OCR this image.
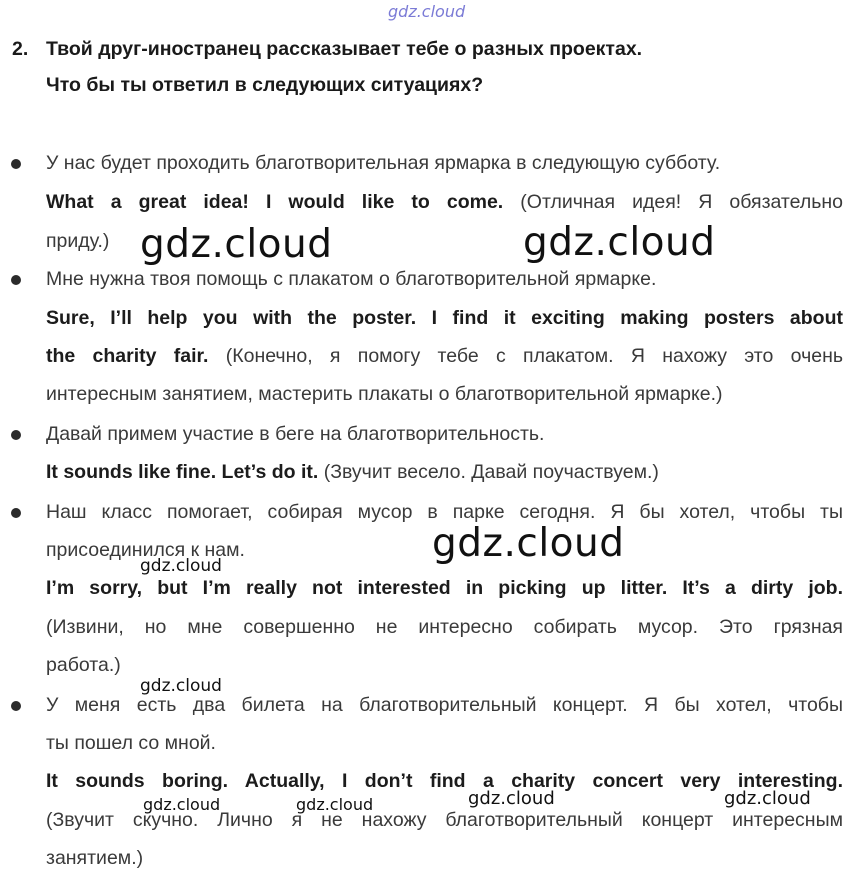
gdz.cloud
2. Твой друг-иностранец рассказывает тебе о разных проектах.
Что бы ты ответил в следующих ситуациях?
У нас будет проходить благотворительная ярмарка в следующую субботу.
What a great idea! I would like to come. (Отличная идея! Я обязательно
приду.)
Мне нужна твоя помощь с плакатом о благотворительной ярмарке.
Sure, I’ll help you with the poster. I find it exciting making posters about
the charity fair. (Конечно, я помогу тебе с плакатом. Я нахожу это очень
интересным занятием, мастерить плакаты о благотворительной ярмарке.)
Давай примем участие в беге на благотворительность.
It sounds like fine. Let’s do it. (Звучит весело. Давай поучаствуем.)
Наш класс помогает, собирая мусор в парке сегодня. Я бы хотел, чтобы ты
присоединился к нам.
I’m sorry, but I’m really not interested in picking up litter. It’s a dirty job.
(Извини, но мне совершенно не интересно собирать мусор. Это грязная
работа.)
У меня есть два билета на благотворительный концерт. Я бы хотел, чтобы
ты пошел со мной.
It sounds boring. Actually, I don’t find a charity concert very interesting.
(Звучит скучно. Лично я не нахожу благотворительный концерт интересным
занятием.)
gdz.cloud	gdz.cloud
gdz.cloud
gdz.cloud
gdz.cloud
gdz.cloud	gdz.cloud	gdz.cloud	gdz.cloud
